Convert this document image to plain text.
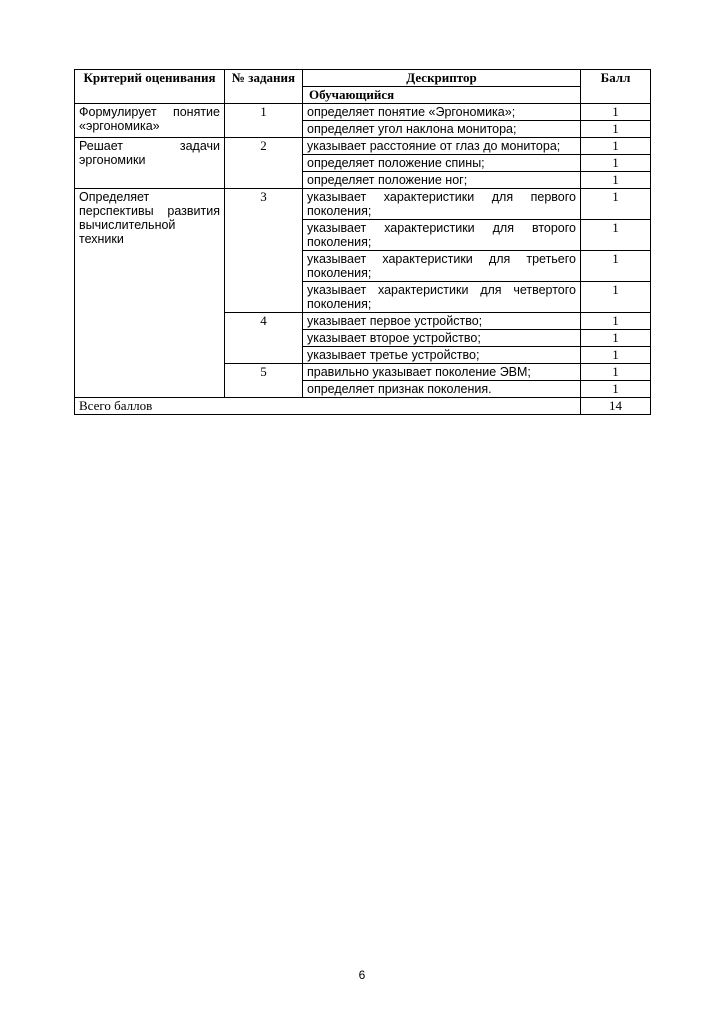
Критерий оценивания	№ задания	Дескриптор	Балл
		Обучающийся	
Формулирует понятие «эргономика»	1	определяет понятие «Эргономика»;	1
		определяет угол наклона монитора;	1
Решает задачи эргономики	2	указывает расстояние от глаз до монитора;	1
		определяет положение спины;	1
		определяет положение ног;	1
Определяет перспективы развития вычислительной техники	3	указывает характеристики для первого поколения;	1
		указывает характеристики для второго поколения;	1
		указывает характеристики для третьего поколения;	1
		указывает характеристики для четвертого поколения;	1
	4	указывает первое устройство;	1
		указывает второе устройство;	1
		указывает третье устройство;	1
	5	правильно указывает поколение ЭВМ;	1
		определяет признак поколения.	1
Всего баллов			14
6
